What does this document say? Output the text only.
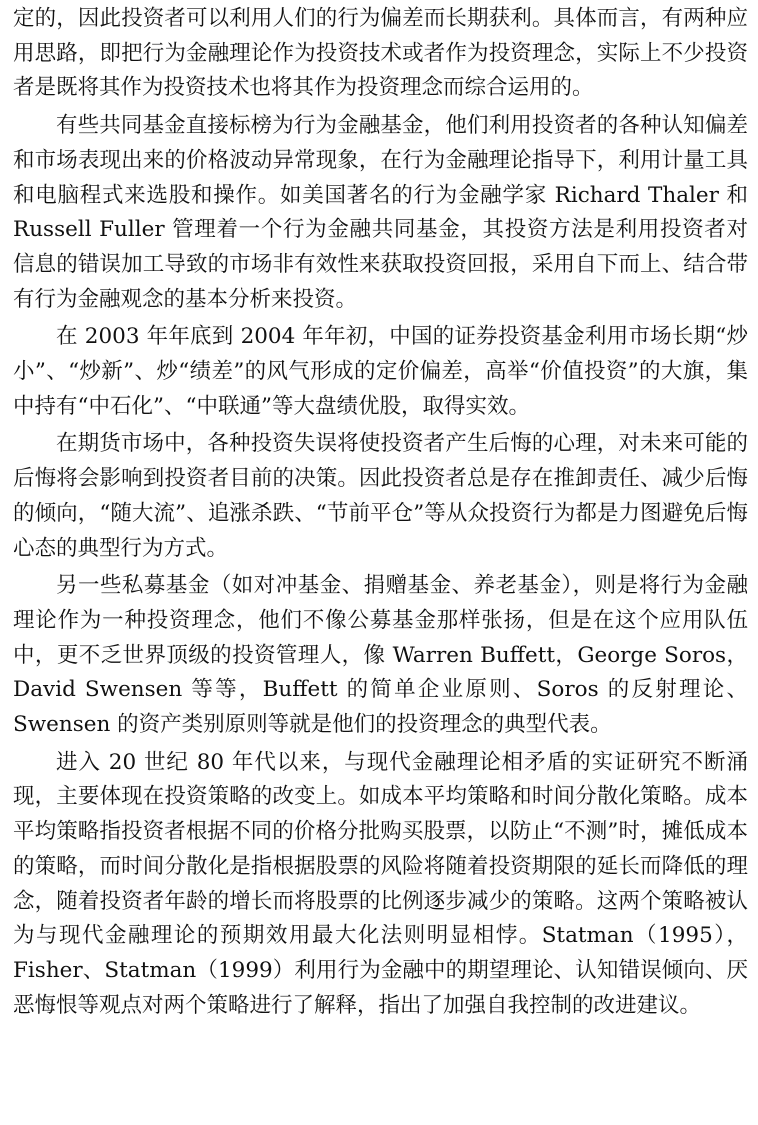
定的，因此投资者可以利用人们的行为偏差而长期获利。具体而言，有两种应用思路，即把行为金融理论作为投资技术或者作为投资理念，实际上不少投资者是既将其作为投资技术也将其作为投资理念而综合运用的。

有些共同基金直接标榜为行为金融基金，他们利用投资者的各种认知偏差和市场表现出来的价格波动异常现象，在行为金融理论指导下，利用计量工具和电脑程式来选股和操作。如美国著名的行为金融学家 Richard Thaler 和 Russell Fuller 管理着一个行为金融共同基金，其投资方法是利用投资者对信息的错误加工导致的市场非有效性来获取投资回报，采用自下而上、结合带有行为金融观念的基本分析来投资。

在 2003 年年底到 2004 年年初，中国的证券投资基金利用市场长期“炒小”、“炒新”、炒“绩差”的风气形成的定价偏差，高举“价值投资”的大旗，集中持有“中石化”、“中联通”等大盘绩优股，取得实效。

在期货市场中，各种投资失误将使投资者产生后悔的心理，对未来可能的后悔将会影响到投资者目前的决策。因此投资者总是存在推卸责任、减少后悔的倾向，“随大流”、追涨杀跌、“节前平仓”等从众投资行为都是力图避免后悔心态的典型行为方式。

另一些私募基金（如对冲基金、捐赠基金、养老基金），则是将行为金融理论作为一种投资理念，他们不像公募基金那样张扬，但是在这个应用队伍中，更不乏世界顶级的投资管理人，像 Warren Buffett，George Soros，David Swensen 等等，Buffett 的简单企业原则、Soros 的反射理论、Swensen 的资产类别原则等就是他们的投资理念的典型代表。

进入 20 世纪 80 年代以来，与现代金融理论相矛盾的实证研究不断涌现，主要体现在投资策略的改变上。如成本平均策略和时间分散化策略。成本平均策略指投资者根据不同的价格分批购买股票，以防止“不测”时，摊低成本的策略，而时间分散化是指根据股票的风险将随着投资期限的延长而降低的理念，随着投资者年龄的增长而将股票的比例逐步减少的策略。这两个策略被认为与现代金融理论的预期效用最大化法则明显相悖。Statman（1995），Fisher、Statman（1999）利用行为金融中的期望理论、认知错误倾向、厌恶悔恨等观点对两个策略进行了解释，指出了加强自我控制的改进建议。
